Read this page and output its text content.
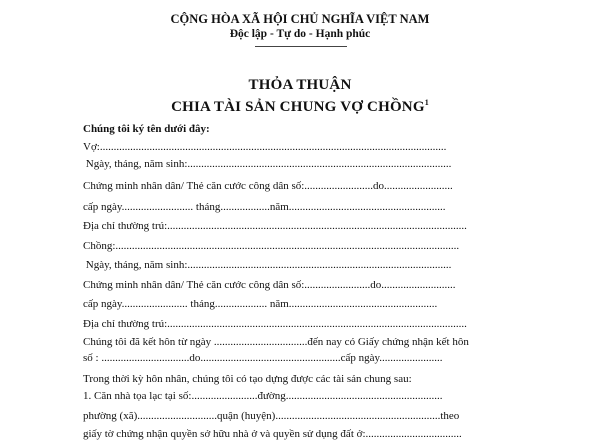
CỘNG HÒA XÃ HỘI CHỦ NGHĨA VIỆT NAM
Độc lập - Tự do - Hạnh phúc
THỎA THUẬN
CHIA TÀI SẢN CHUNG VỢ CHỒNG$^1$
Chúng tôi ký tên dưới đây:
Vợ:..............................................................................................................................
Ngày, tháng, năm sinh:................................................................................................
Chứng minh nhân dân/ Thẻ căn cước công dân số:.........................do.........................
cấp ngày.......................... tháng..................năm.........................................................
Địa chỉ thường trú:.............................................................................................................
Chồng:.............................................................................................................................
Ngày, tháng, năm sinh:................................................................................................
Chứng minh nhân dân/ Thẻ căn cước công dân số:........................do...........................
cấp ngày........................ tháng................... năm......................................................
Địa chỉ thường trú:.............................................................................................................
Chúng tôi đã kết hôn từ ngày ..................................đến nay có Giấy chứng nhận kết hôn
số : ................................do...................................................cấp ngày.......................
Trong thời kỳ hôn nhân, chúng tôi có tạo dựng được các tài sản chung sau:
1. Căn nhà tọa lạc tại số:........................đường.........................................................
phường (xã).............................quận (huyện)............................................................theo
giấy tờ chứng nhận quyền sở hữu nhà ở và quyền sử dụng đất ở:...................................
